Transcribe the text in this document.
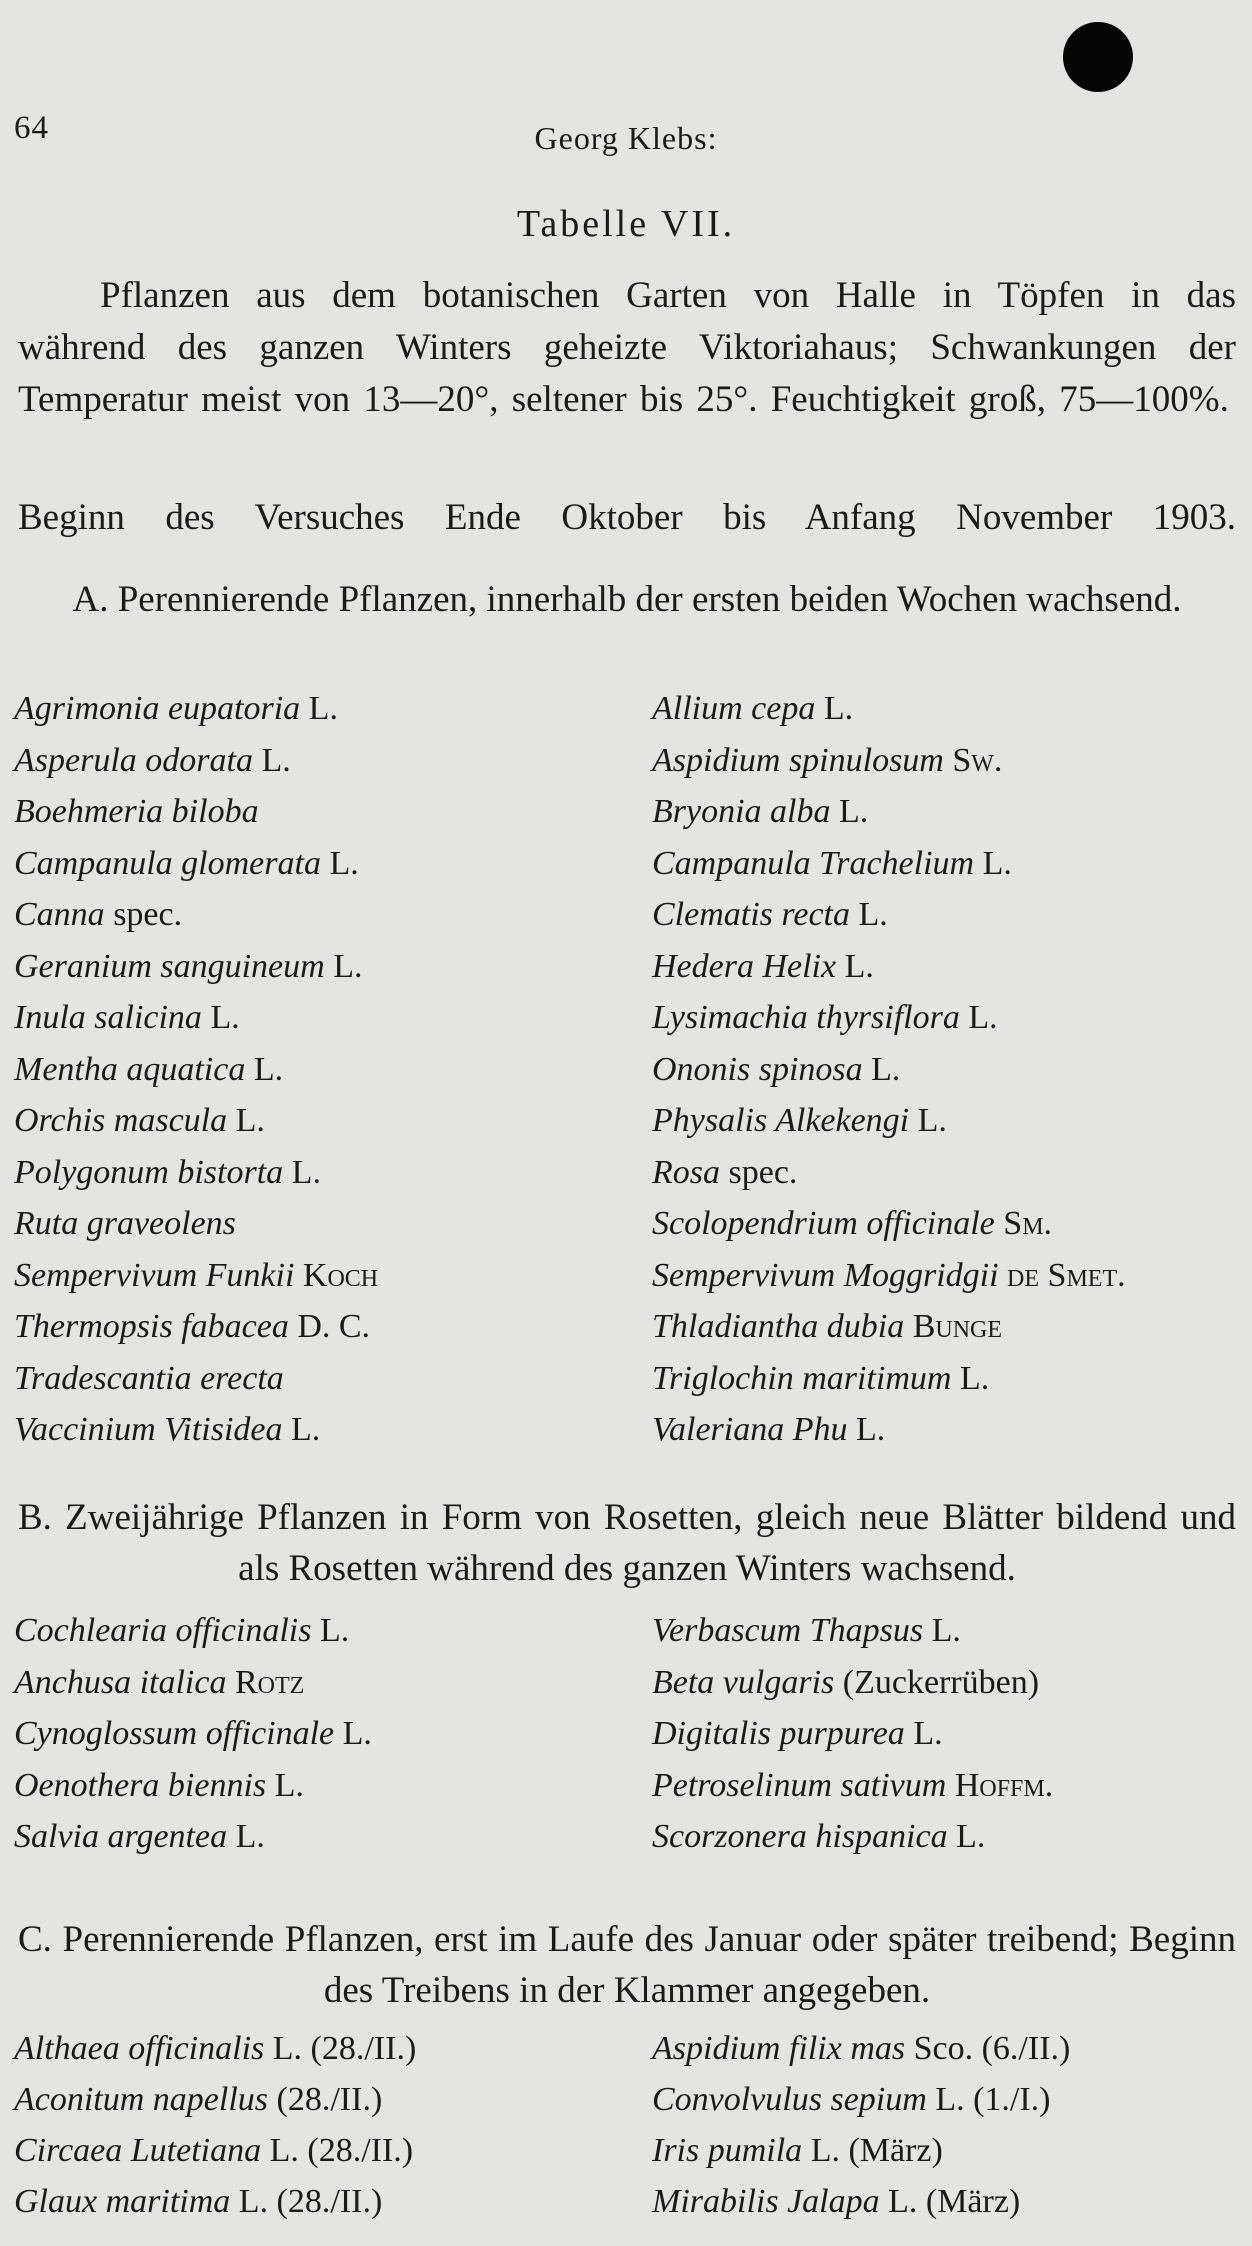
64	Georg Klebs:
Tabelle VII.

Pflanzen aus dem botanischen Garten von Halle in Töpfen in das während des ganzen Winters geheizte Viktoriahaus; Schwankungen der Temperatur meist von 13—20°, seltener bis 25°. Feuchtigkeit groß, 75—100%.

Beginn des Versuches Ende Oktober bis Anfang November 1903.
A. Perennierende Pflanzen, innerhalb der ersten beiden Wochen wachsend.
Agrimonia eupatoria L.
Asperula odorata L.
Boehmeria biloba
Campanula glomerata L.
Canna spec.
Geranium sanguineum L.
Inula salicina L.
Mentha aquatica L.
Orchis mascula L.
Polygonum bistorta L.
Ruta graveolens
Sempervivum Funkii Koch
Thermopsis fabacea D. C.
Tradescantia erecta
Vaccinium Vitisidea L.
Allium cepa L.
Aspidium spinulosum Sw.
Bryonia alba L.
Campanula Trachelium L.
Clematis recta L.
Hedera Helix L.
Lysimachia thyrsiflora L.
Ononis spinosa L.
Physalis Alkekengi L.
Rosa spec.
Scolopendrium officinale Sm.
Sempervivum Moggridgii de Smet.
Thladiantha dubia Bunge
Triglochin maritimum L.
Valeriana Phu L.
B. Zweijährige Pflanzen in Form von Rosetten, gleich neue Blätter bildend und als Rosetten während des ganzen Winters wachsend.
Cochlearia officinalis L.
Anchusa italica Rotz
Cynoglossum officinale L.
Oenothera biennis L.
Salvia argentea L.
Verbascum Thapsus L.
Beta vulgaris (Zuckerrüben)
Digitalis purpurea L.
Petroselinum sativum Hoffm.
Scorzonera hispanica L.
C. Perennierende Pflanzen, erst im Laufe des Januar oder später treibend; Beginn des Treibens in der Klammer angegeben.
Althaea officinalis L. (28./II.)
Aconitum napellus (28./II.)
Circaea Lutetiana L. (28./II.)
Glaux maritima L. (28./II.)
Aspidium filix mas Sco. (6./II.)
Convolvulus sepium L. (1./I.)
Iris pumila L. (März)
Mirabilis Jalapa L. (März)
